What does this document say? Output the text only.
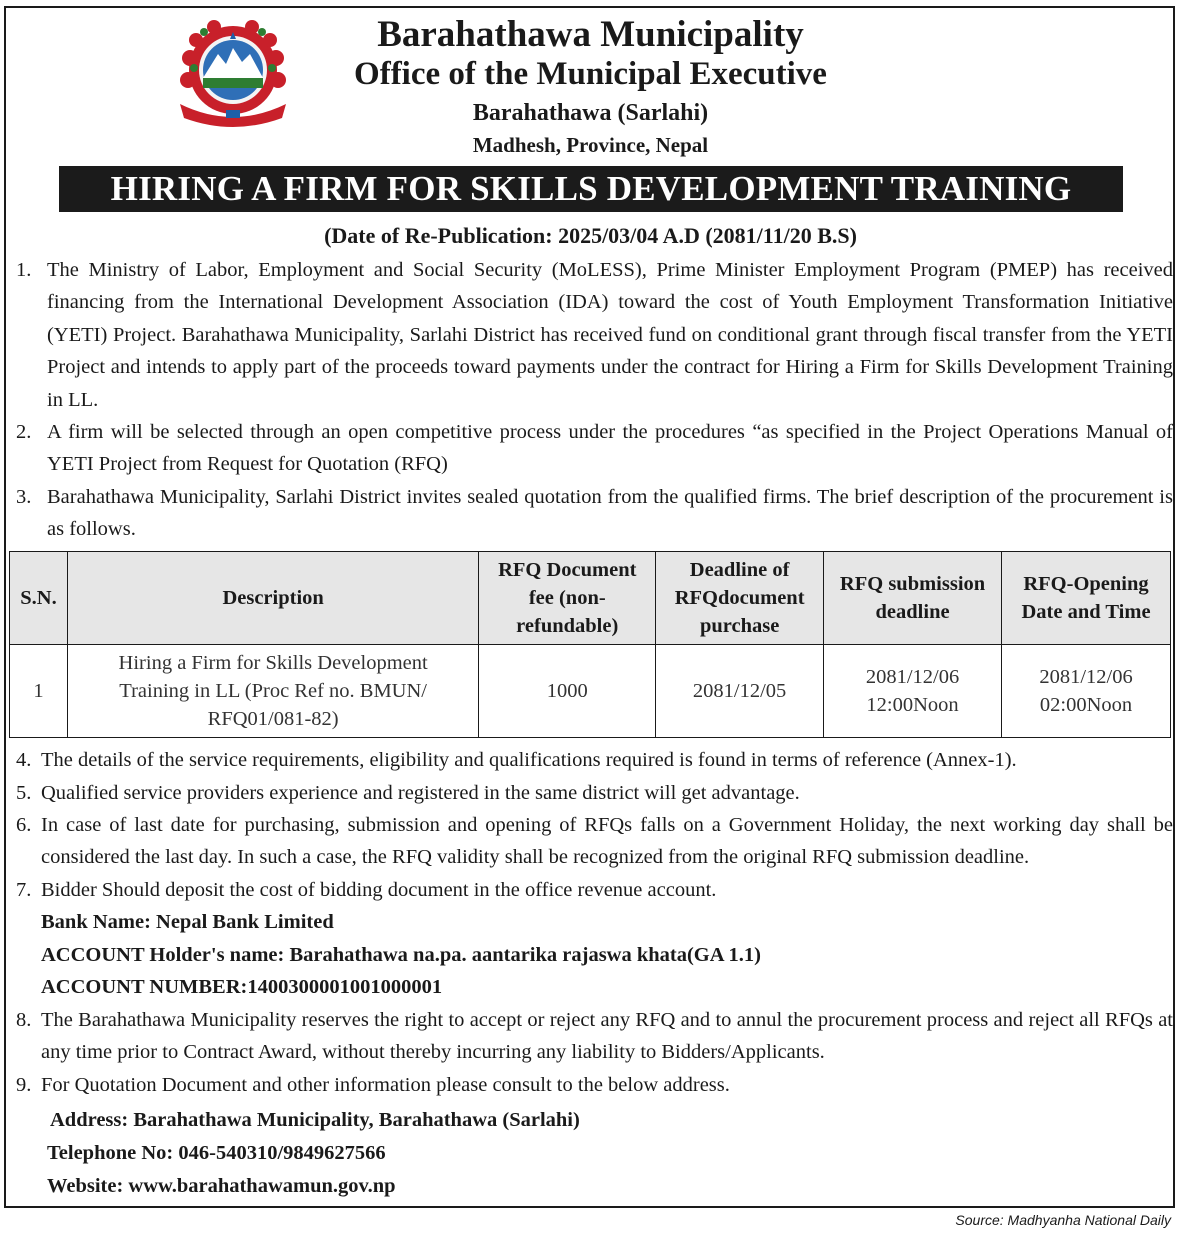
Barahathawa Municipality
Office of the Municipal Executive
Barahathawa (Sarlahi)
Madhesh, Province, Nepal
HIRING A FIRM FOR SKILLS DEVELOPMENT TRAINING
(Date of Re-Publication: 2025/03/04 A.D (2081/11/20 B.S)
1. The Ministry of Labor, Employment and Social Security (MoLESS), Prime Minister Employment Program (PMEP) has received financing from the International Development Association (IDA) toward the cost of Youth Employment Transformation Initiative (YETI) Project. Barahathawa Municipality, Sarlahi District has received fund on conditional grant through fiscal transfer from the YETI Project and intends to apply part of the proceeds toward payments under the contract for Hiring a Firm for Skills Development Training in LL.
2. A firm will be selected through an open competitive process under the procedures “as specified in the Project Operations Manual of YETI Project from Request for Quotation (RFQ)
3. Barahathawa Municipality, Sarlahi District invites sealed quotation from the qualified firms. The brief description of the procurement is as follows.
S.N.	Description	RFQ Document fee (non-refundable)	Deadline of RFQdocument purchase	RFQ submission deadline	RFQ-Opening Date and Time
1	Hiring a Firm for Skills Development Training in LL (Proc Ref no. BMUN/ RFQ01/081-82)	1000	2081/12/05	2081/12/06 12:00Noon	2081/12/06 02:00Noon
4. The details of the service requirements, eligibility and qualifications required is found in terms of reference (Annex-1).
5. Qualified service providers experience and registered in the same district will get advantage.
6. In case of last date for purchasing, submission and opening of RFQs falls on a Government Holiday, the next working day shall be considered the last day. In such a case, the RFQ validity shall be recognized from the original RFQ submission deadline.
7. Bidder Should deposit the cost of bidding document in the office revenue account.
Bank Name: Nepal Bank Limited
ACCOUNT Holder's name: Barahathawa na.pa. aantarika rajaswa khata(GA 1.1)
ACCOUNT NUMBER:1400300001001000001
8. The Barahathawa Municipality reserves the right to accept or reject any RFQ and to annul the procurement process and reject all RFQs at any time prior to Contract Award, without thereby incurring any liability to Bidders/Applicants.
9. For Quotation Document and other information please consult to the below address.
Address: Barahathawa Municipality, Barahathawa (Sarlahi)
Telephone No: 046-540310/9849627566
Website: www.barahathawamun.gov.np
Source: Madhyanha National Daily
